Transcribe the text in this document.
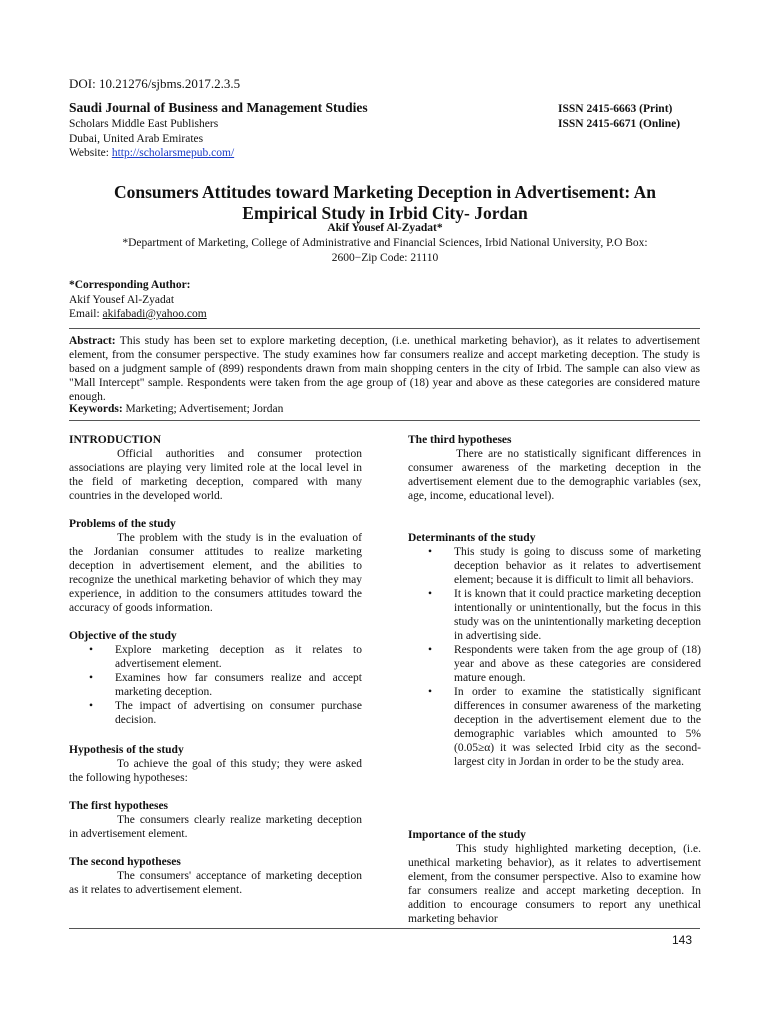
DOI: 10.21276/sjbms.2017.2.3.5
Saudi Journal of Business and Management Studies
Scholars Middle East Publishers
Dubai, United Arab Emirates
Website: http://scholarsmepub.com/
ISSN 2415-6663 (Print)
ISSN 2415-6671 (Online)
Consumers Attitudes toward Marketing Deception in Advertisement: An
Empirical Study in Irbid City- Jordan
Akif Yousef Al-Zyadat*
*Department of Marketing, College of Administrative and Financial Sciences, Irbid National University, P.O Box:
2600−Zip Code: 21110
*Corresponding Author:
Akif Yousef Al-Zyadat
Email: akifabadi@yahoo.com
Abstract: This study has been set to explore marketing deception, (i.e. unethical marketing behavior), as it relates to advertisement element, from the consumer perspective. The study examines how far consumers realize and accept marketing deception. The study is based on a judgment sample of (899) respondents drawn from main shopping centers in the city of Irbid. The sample can also view as "Mall Intercept" sample. Respondents were taken from the age group of (18) year and above as these categories are considered mature enough.
Keywords: Marketing; Advertisement; Jordan
INTRODUCTION

Official authorities and consumer protection associations are playing very limited role at the local level in the field of marketing deception, compared with many countries in the developed world.

Problems of the study

The problem with the study is in the evaluation of the Jordanian consumer attitudes to realize marketing deception in advertisement element, and the abilities to recognize the unethical marketing behavior of which they may experience, in addition to the consumers attitudes toward the accuracy of goods information.

Objective of the study
• Explore marketing deception as it relates to advertisement element.
• Examines how far consumers realize and accept marketing deception.
• The impact of advertising on consumer purchase decision.
Hypothesis of the study

To achieve the goal of this study; they were asked the following hypotheses:

The first hypotheses

The consumers clearly realize marketing deception in advertisement element.

The second hypotheses

The consumers' acceptance of marketing deception as it relates to advertisement element.

The third hypotheses

There are no statistically significant differences in consumer awareness of the marketing deception in the advertisement element due to the demographic variables (sex, age, income, educational level).

Determinants of the study
• This study is going to discuss some of marketing deception behavior as it relates to advertisement element; because it is difficult to limit all behaviors.
• It is known that it could practice marketing deception intentionally or unintentionally, but the focus in this study was on the unintentionally marketing deception in advertising side.
• Respondents were taken from the age group of (18) year and above as these categories are considered mature enough.
• In order to examine the statistically significant differences in consumer awareness of the marketing deception in the advertisement element due to the demographic variables which amounted to 5% (0.05≥α) it was selected Irbid city as the second- largest city in Jordan in order to be the study area.
Importance of the study

This study highlighted marketing deception, (i.e. unethical marketing behavior), as it relates to advertisement element, from the consumer perspective. Also to examine how far consumers realize and accept marketing deception. In addition to encourage consumers to report any unethical marketing behavior

143
